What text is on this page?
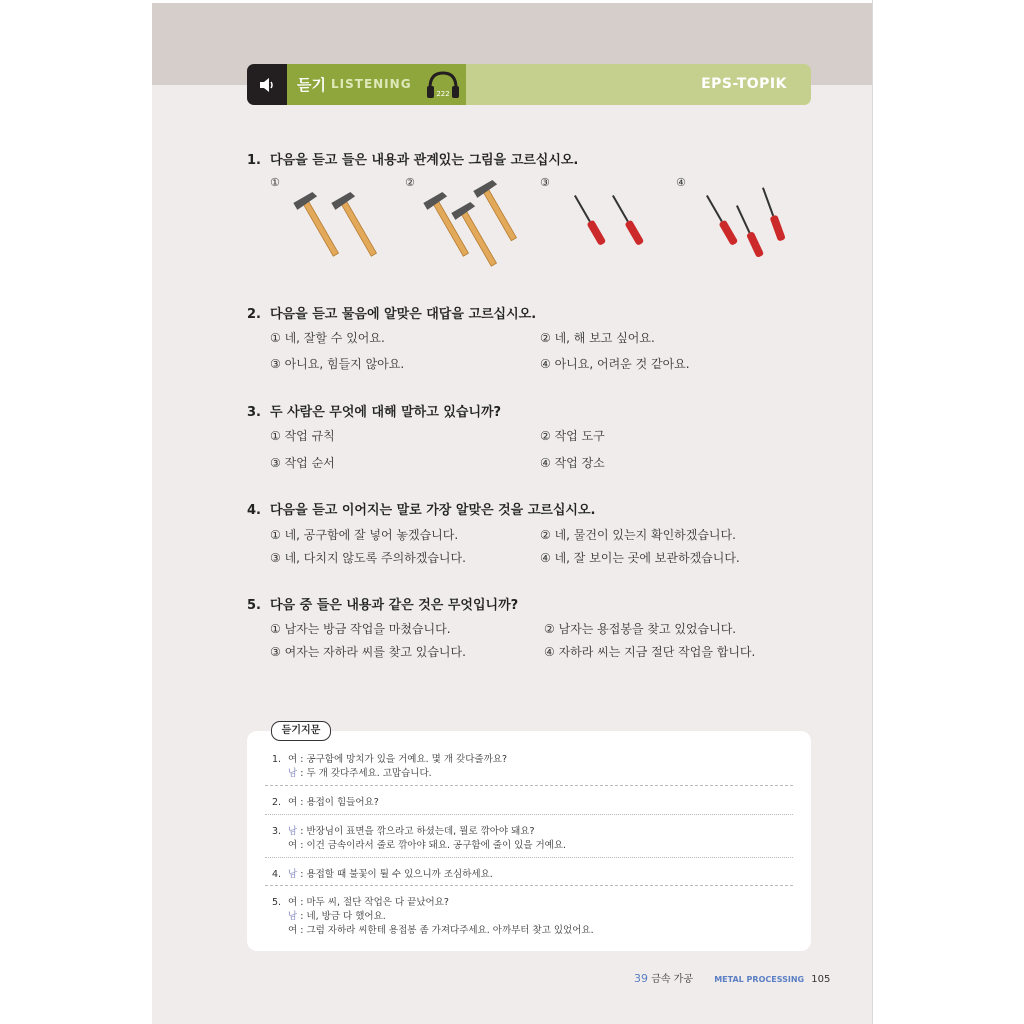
듣기 LISTENING
222
EPS-TOPIK
1. 다음을 듣고 들은 내용과 관계있는 그림을 고르십시오.
①	②	③	④
2. 다음을 듣고 물음에 알맞은 대답을 고르십시오.
① 네, 잘할 수 있어요.	② 네, 해 보고 싶어요.
③ 아니요, 힘들지 않아요.	④ 아니요, 어려운 것 같아요.
3. 두 사람은 무엇에 대해 말하고 있습니까?
① 작업 규칙	② 작업 도구
③ 작업 순서	④ 작업 장소
4. 다음을 듣고 이어지는 말로 가장 알맞은 것을 고르십시오.
① 네, 공구함에 잘 넣어 놓겠습니다.	② 네, 물건이 있는지 확인하겠습니다.
③ 네, 다치지 않도록 주의하겠습니다.	④ 네, 잘 보이는 곳에 보관하겠습니다.
5. 다음 중 들은 내용과 같은 것은 무엇입니까?
① 남자는 방금 작업을 마쳤습니다.	② 남자는 용접봉을 찾고 있었습니다.
③ 여자는 자하라 씨를 찾고 있습니다.	④ 자하라 씨는 지금 절단 작업을 합니다.
듣기지문
1. 여 : 공구함에 망치가 있을 거예요. 몇 개 갖다줄까요?
남 : 두 개 갖다주세요. 고맙습니다.
2. 여 : 용접이 힘들어요?
3. 남 : 반장님이 표면을 깎으라고 하셨는데, 뭘로 깎아야 돼요?
여 : 이건 금속이라서 줄로 깎아야 돼요. 공구함에 줄이 있을 거예요.
4. 남 : 용접할 때 불꽃이 튈 수 있으니까 조심하세요.
5. 여 : 마두 씨, 절단 작업은 다 끝났어요?
남 : 네, 방금 다 했어요.
여 : 그럼 자하라 씨한테 용접봉 좀 가져다주세요. 아까부터 찾고 있었어요.
39 금속 가공	METAL PROCESSING 105
